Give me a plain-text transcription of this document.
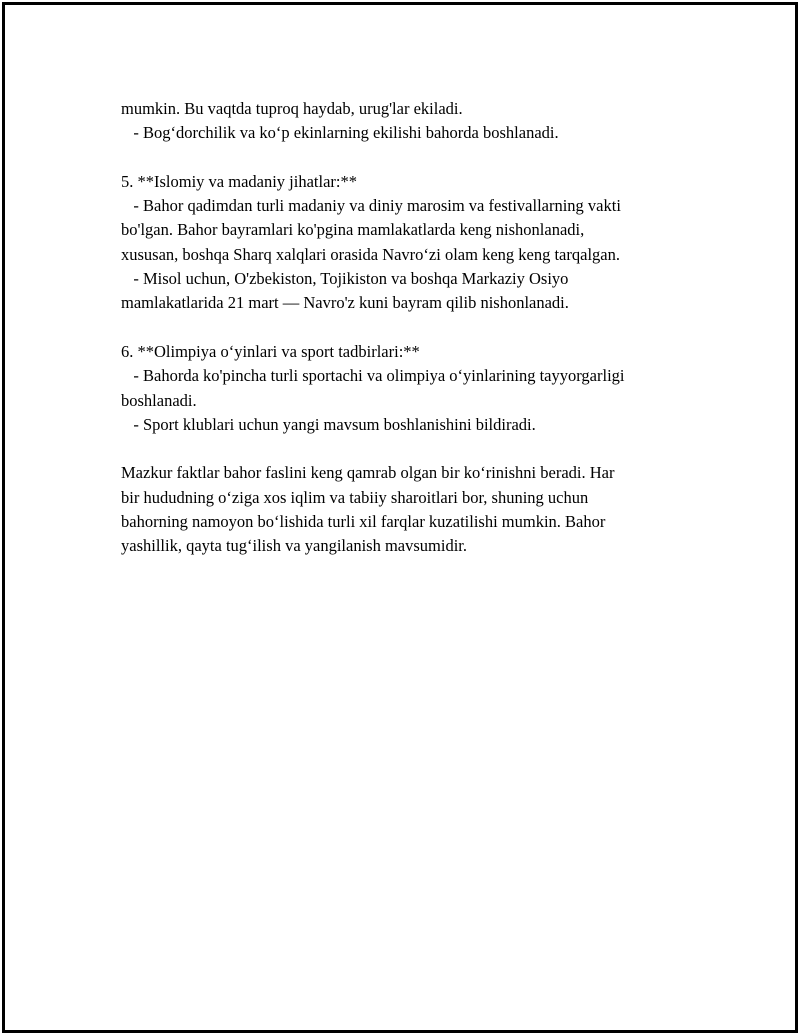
mumkin. Bu vaqtda tuproq haydab, urug'lar ekiladi.
- Bog‘dorchilik va ko‘p ekinlarning ekilishi bahorda boshlanadi.
5. **Islomiy va madaniy jihatlar:**
- Bahor qadimdan turli madaniy va diniy marosim va festivallarning vakti
bo'lgan. Bahor bayramlari ko'pgina mamlakatlarda keng nishonlanadi,
xususan, boshqa Sharq xalqlari orasida Navro‘zi olam keng keng tarqalgan.
- Misol uchun, O'zbekiston, Tojikiston va boshqa Markaziy Osiyo
mamlakatlarida 21 mart — Navro'z kuni bayram qilib nishonlanadi.
6. **Olimpiya o‘yinlari va sport tadbirlari:**
- Bahorda ko'pincha turli sportachi va olimpiya o‘yinlarining tayyorgarligi
boshlanadi.
- Sport klublari uchun yangi mavsum boshlanishini bildiradi.
Mazkur faktlar bahor faslini keng qamrab olgan bir ko‘rinishni beradi. Har
bir hududning o‘ziga xos iqlim va tabiiy sharoitlari bor, shuning uchun
bahorning namoyon bo‘lishida turli xil farqlar kuzatilishi mumkin. Bahor
yashillik, qayta tug‘ilish va yangilanish mavsumidir.
